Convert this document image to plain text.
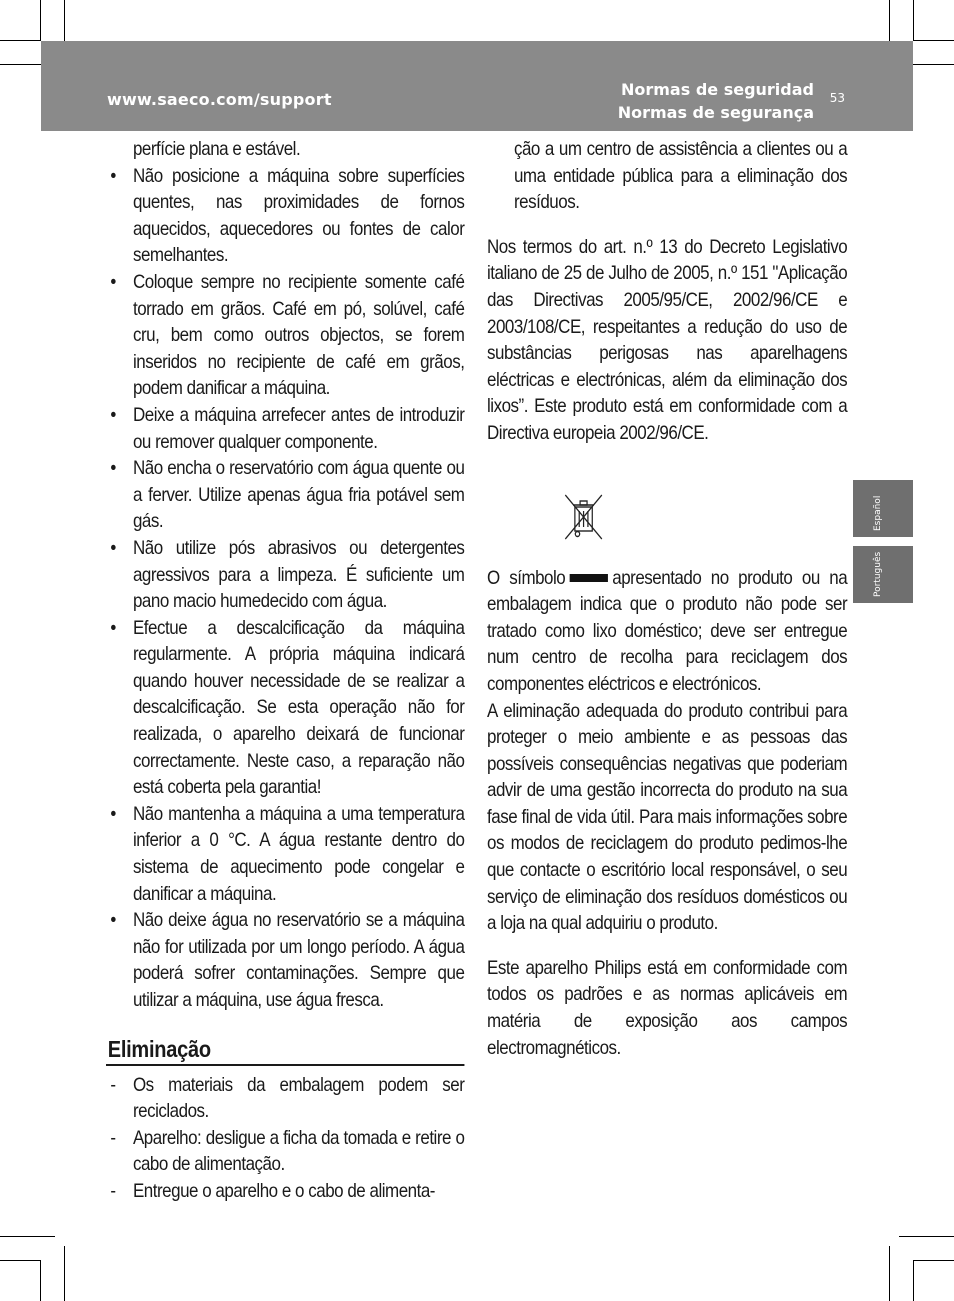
www.saeco.com/support
Normas de seguridad
Normas de segurança
53
Español
Português
perfície plana e estável.
• Não posicione a máquina sobre superfícies quentes, nas proximidades de fornos aquecidos, aquecedores ou fontes de calor semelhantes.
• Coloque sempre no recipiente somente café torrado em grãos. Café em pó, solúvel, café cru, bem como outros objectos, se forem inseridos no recipiente de café em grãos, podem danificar a máquina.
• Deixe a máquina arrefecer antes de introduzir ou remover qualquer componente.
• Não encha o reservatório com água quente ou a ferver. Utilize apenas água fria potável sem gás.
• Não utilize pós abrasivos ou detergentes agressivos para a limpeza. É suficiente um pano macio humedecido com água.
• Efectue a descalcificação da máquina regularmente. A própria máquina indicará quando houver necessidade de se realizar a descalcificação. Se esta operação não for realizada, o aparelho deixará de funcionar correctamente. Neste caso, a reparação não está coberta pela garantia!
• Não mantenha a máquina a uma temperatura inferior a 0 °C. A água restante dentro do sistema de aquecimento pode congelar e danificar a máquina.
• Não deixe água no reservatório se a máquina não for utilizada por um longo período. A água poderá sofrer contaminações. Sempre que utilizar a máquina, use água fresca.
Eliminação
- Os materiais da embalagem podem ser reciclados.
- Aparelho: desligue a ficha da tomada e retire o cabo de alimentação.
- Entregue o aparelho e o cabo de alimenta-
ção a um centro de assistência a clientes ou a uma entidade pública para a eliminação dos resíduos.
Nos termos do art. n.º 13 do Decreto Legislativo italiano de 25 de Julho de 2005, n.º 151 "Aplicação das Directivas 2005/95/CE, 2002/96/CE e 2003/108/CE, respeitantes a redução do uso de substâncias perigosas nas aparelhagens eléctricas e electrónicas, além da eliminação dos lixos”. Este produto está em conformidade com a Directiva europeia 2002/96/CE.
O símbolo apresentado no produto ou na embalagem indica que o produto não pode ser tratado como lixo doméstico; deve ser entregue num centro de recolha para reciclagem dos componentes eléctricos e electrónicos.
A eliminação adequada do produto contribui para proteger o meio ambiente e as pessoas das possíveis consequências negativas que poderiam advir de uma gestão incorrecta do produto na sua fase final de vida útil. Para mais informações sobre os modos de reciclagem do produto pedimos-lhe que contacte o escritório local responsável, o seu serviço de eliminação dos resíduos domésticos ou a loja na qual adquiriu o produto.
Este aparelho Philips está em conformidade com todos os padrões e as normas aplicáveis em matéria de exposição aos campos electromagnéticos.
